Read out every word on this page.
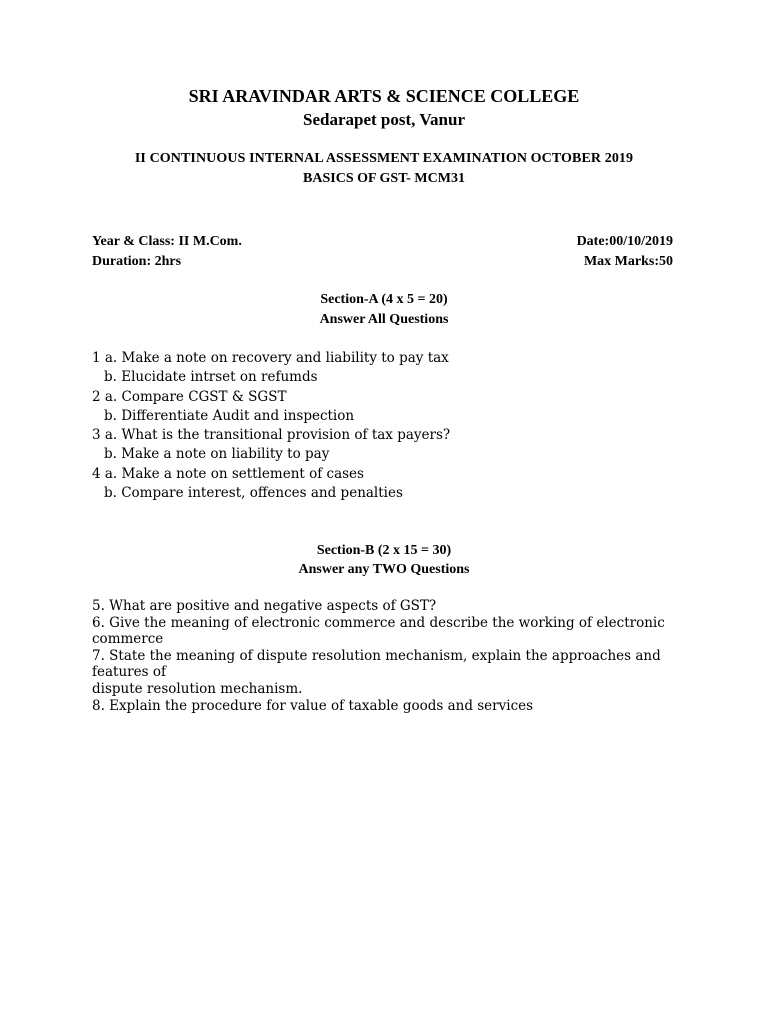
SRI ARAVINDAR ARTS & SCIENCE COLLEGE
Sedarapet post, Vanur
II CONTINUOUS INTERNAL ASSESSMENT EXAMINATION OCTOBER 2019
BASICS OF GST- MCM31
Year & Class: II M.Com.
Duration: 2hrs
Date:00/10/2019
Max Marks:50
Section-A (4 x 5 = 20)
Answer All Questions
1 a. Make a note on recovery and liability to pay tax
b. Elucidate intrset on refumds
2 a. Compare CGST & SGST
b. Differentiate Audit and inspection
3 a. What is the transitional provision of tax payers?
b. Make a note on liability to pay
4 a. Make a note on settlement of cases
b. Compare interest, offences and penalties
Section-B (2 x 15 = 30)
Answer any TWO Questions
5. What are positive and negative aspects of GST?
6. Give the meaning of electronic commerce and describe the working of electronic
commerce
7. State the meaning of dispute resolution mechanism, explain the approaches and features of
dispute resolution mechanism.
8. Explain the procedure for value of taxable goods and services
